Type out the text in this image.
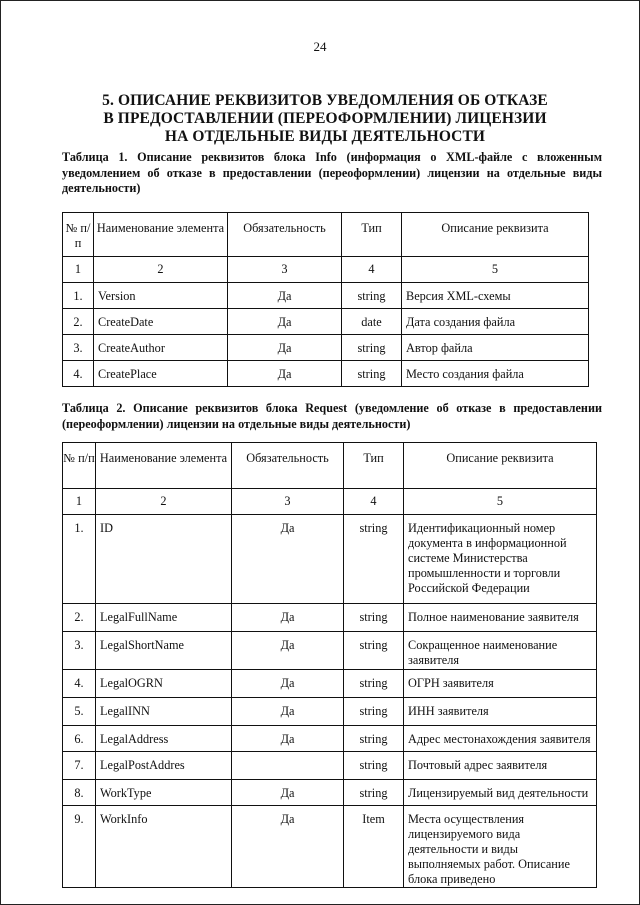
24
5. ОПИСАНИЕ РЕКВИЗИТОВ УВЕДОМЛЕНИЯ ОБ ОТКАЗЕ
В ПРЕДОСТАВЛЕНИИ (ПЕРЕОФОРМЛЕНИИ) ЛИЦЕНЗИИ
НА ОТДЕЛЬНЫЕ ВИДЫ ДЕЯТЕЛЬНОСТИ
Таблица 1. Описание реквизитов блока Info (информация о XML-файле с вложенным уведомлением об отказе в предоставлении (переоформлении) лицензии на отдельные виды деятельности)
№ п/п	Наименование элемента	Обязательность	Тип	Описание реквизита
1	2	3	4	5
1.	Version	Да	string	Версия XML-схемы
2.	CreateDate	Да	date	Дата создания файла
3.	CreateAuthor	Да	string	Автор файла
4.	CreatePlace	Да	string	Место создания файла
Таблица 2. Описание реквизитов блока Request (уведомление об отказе в предоставлении (переоформлении) лицензии на отдельные виды деятельности)
№ п/п	Наименование элемента	Обязательность	Тип	Описание реквизита
1	2	3	4	5
1.	ID	Да	string	Идентификационный номер документа в информационной системе Министерства промышленности и торговли Российской Федерации
2.	LegalFullName	Да	string	Полное наименование заявителя
3.	LegalShortName	Да	string	Сокращенное наименование заявителя
4.	LegalOGRN	Да	string	ОГРН заявителя
5.	LegalINN	Да	string	ИНН заявителя
6.	LegalAddress	Да	string	Адрес местонахождения заявителя
7.	LegalPostAddres		string	Почтовый адрес заявителя
8.	WorkType	Да	string	Лицензируемый вид деятельности
9.	WorkInfo	Да	Item	Места осуществления лицензируемого вида деятельности и виды выполняемых работ. Описание блока приведено
